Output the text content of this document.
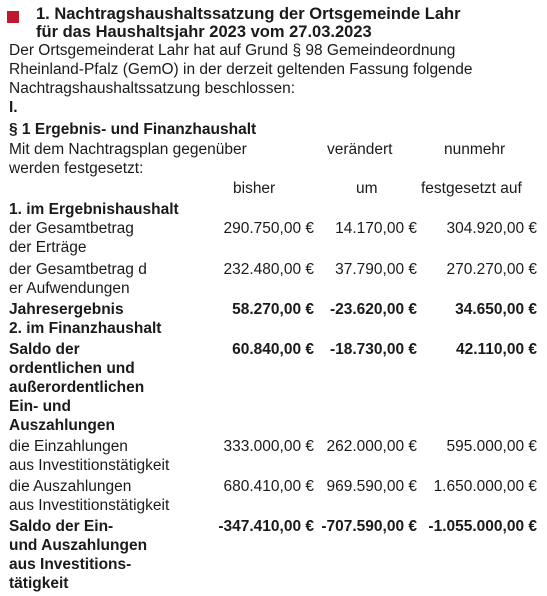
1. Nachtragshaushaltssatzung der Ortsgemeinde Lahr
für das Haushaltsjahr 2023 vom 27.03.2023
Der Ortsgemeinderat Lahr hat auf Grund § 98 Gemeindeordnung
Rheinland-Pfalz (GemO) in der derzeit geltenden Fassung folgende
Nachtragshaushaltssatzung beschlossen:
I.
§ 1 Ergebnis- und Finanzhaushalt
Mit dem Nachtragsplan gegenüber	verändert	nunmehr
werden festgesetzt:
bisher	um	festgesetzt auf
1. im Ergebnishaushalt
der Gesamtbetrag
der Erträge
290.750,00 € 14.170,00 € 304.920,00 €
der Gesamtbetrag d
er Aufwendungen
232.480,00 € 37.790,00 € 270.270,00 €
Jahresergebnis	58.270,00 € -23.620,00 € 34.650,00 €
2. im Finanzhaushalt
Saldo der
ordentlichen und
außerordentlichen
Ein- und
Auszahlungen
60.840,00 € -18.730,00 €	42.110,00 €
die Einzahlungen
aus Investitionstätigkeit
333.000,00 € 262.000,00 € 595.000,00 €
die Auszahlungen
aus Investitionstätigkeit
680.410,00 € 969.590,00 € 1.650.000,00 €
Saldo der Ein-
und Auszahlungen
aus Investitions-
tätigkeit
-347.410,00 € -707.590,00 € -1.055.000,00 €
